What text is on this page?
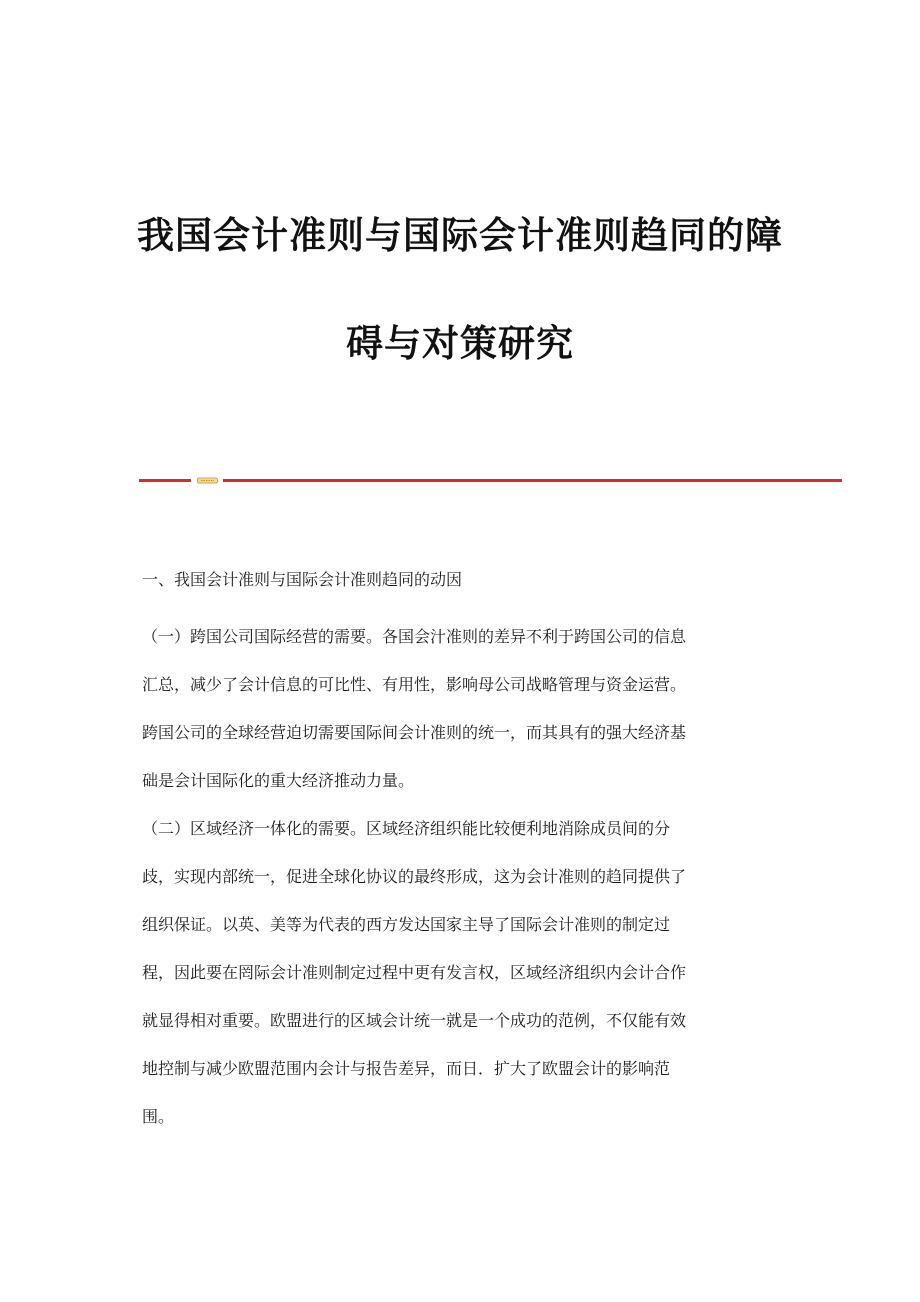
我国会计准则与国际会计准则趋同的障
碍与对策研究
一、我国会计准则与国际会计准则趋同的动因
（一）跨国公司国际经营的需要。各国会汁准则的差异不利于跨国公司的信息
汇总，减少了会计信息的可比性、有用性，影响母公司战略管理与资金运营。
跨国公司的全球经营迫切需要国际间会计准则的统一，而其具有的强大经济基
础是会计国际化的重大经济推动力量。
（二）区域经济一体化的需要。区域经济组织能比较便利地消除成员间的分
歧，实现内部统一，促进全球化协议的最终形成，这为会计准则的趋同提供了
组织保证。以英、美等为代表的西方发达国家主导了国际会计准则的制定过
程，因此要在罔际会计准则制定过程中更有发言权，区域经济组织内会计合作
就显得相对重要。欧盟进行的区域会计统一就是一个成功的范例，不仅能有效
地控制与减少欧盟范围内会计与报告差异，而日．扩大了欧盟会计的影响范
围。
